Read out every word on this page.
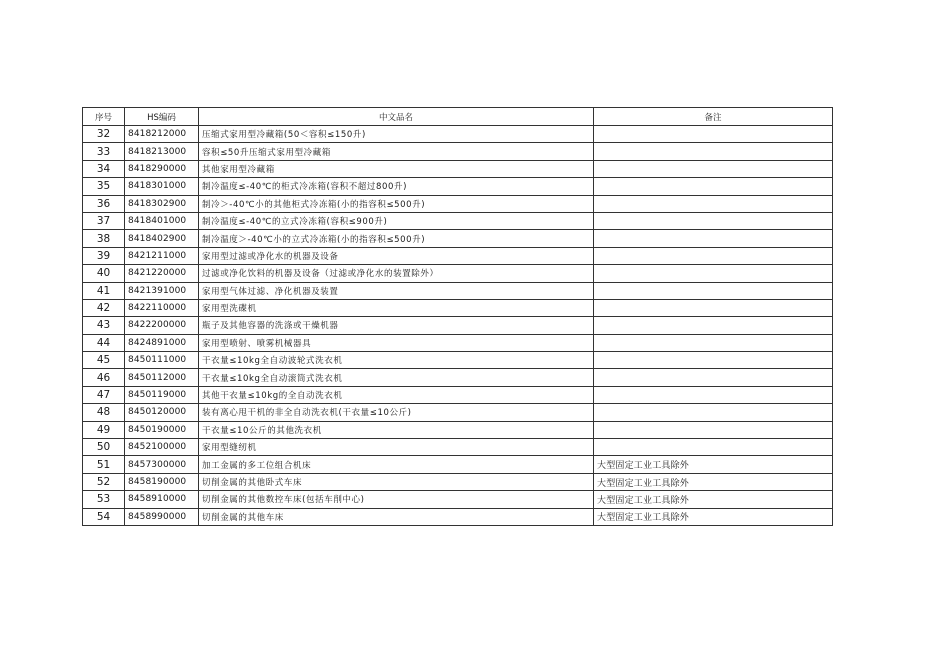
序号	HS编码	中文品名	备注
32	8418212000	压缩式家用型冷藏箱(50＜容积≤150升)	
33	8418213000	容积≤50升压缩式家用型冷藏箱	
34	8418290000	其他家用型冷藏箱	
35	8418301000	制冷温度≤-40℃的柜式冷冻箱(容积不超过800升)	
36	8418302900	制冷＞-40℃小的其他柜式冷冻箱(小的指容积≤500升)	
37	8418401000	制冷温度≤-40℃的立式冷冻箱(容积≤900升)	
38	8418402900	制冷温度＞-40℃小的立式冷冻箱(小的指容积≤500升)	
39	8421211000	家用型过滤或净化水的机器及设备	
40	8421220000	过滤或净化饮料的机器及设备（过滤或净化水的装置除外）	
41	8421391000	家用型气体过滤、净化机器及装置	
42	8422110000	家用型洗碟机	
43	8422200000	瓶子及其他容器的洗涤或干燥机器	
44	8424891000	家用型喷射、喷雾机械器具	
45	8450111000	干衣量≤10kg全自动波轮式洗衣机	
46	8450112000	干衣量≤10kg全自动滚筒式洗衣机	
47	8450119000	其他干衣量≤10kg的全自动洗衣机	
48	8450120000	装有离心甩干机的非全自动洗衣机(干衣量≤10公斤)	
49	8450190000	干衣量≤10公斤的其他洗衣机	
50	8452100000	家用型缝纫机	
51	8457300000	加工金属的多工位组合机床	大型固定工业工具除外
52	8458190000	切削金属的其他卧式车床	大型固定工业工具除外
53	8458910000	切削金属的其他数控车床(包括车削中心)	大型固定工业工具除外
54	8458990000	切削金属的其他车床	大型固定工业工具除外
